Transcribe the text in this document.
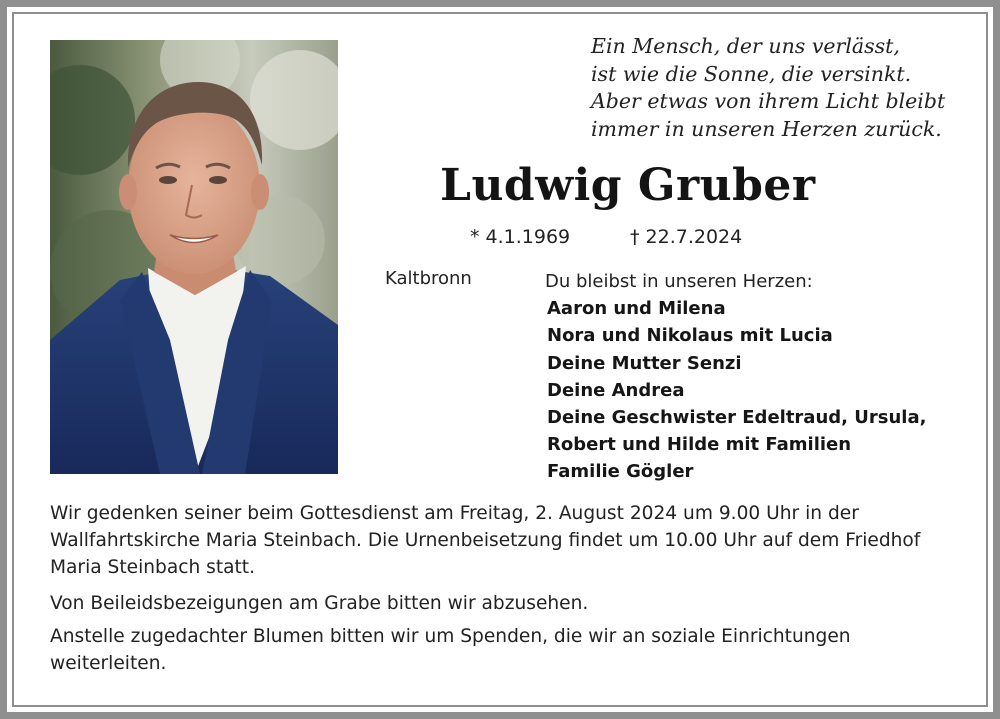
Ein Mensch, der uns verlässt,
ist wie die Sonne, die versinkt.
Aber etwas von ihrem Licht bleibt
immer in unseren Herzen zurück.
Ludwig Gruber
* 4.1.1969	† 22.7.2024
Kaltbronn	Du bleibst in unseren Herzen:
Aaron und Milena
Nora und Nikolaus mit Lucia
Deine Mutter Senzi
Deine Andrea
Deine Geschwister Edeltraud, Ursula,
Robert und Hilde mit Familien
Familie Gögler
Wir gedenken seiner beim Gottesdienst am Freitag, 2. August 2024 um 9.00 Uhr in der Wallfahrtskirche Maria Steinbach. Die Urnenbeisetzung findet um 10.00 Uhr auf dem Friedhof Maria Steinbach statt.
Von Beileidsbezeigungen am Grabe bitten wir abzusehen.
Anstelle zugedachter Blumen bitten wir um Spenden, die wir an soziale Einrichtungen weiterleiten.
